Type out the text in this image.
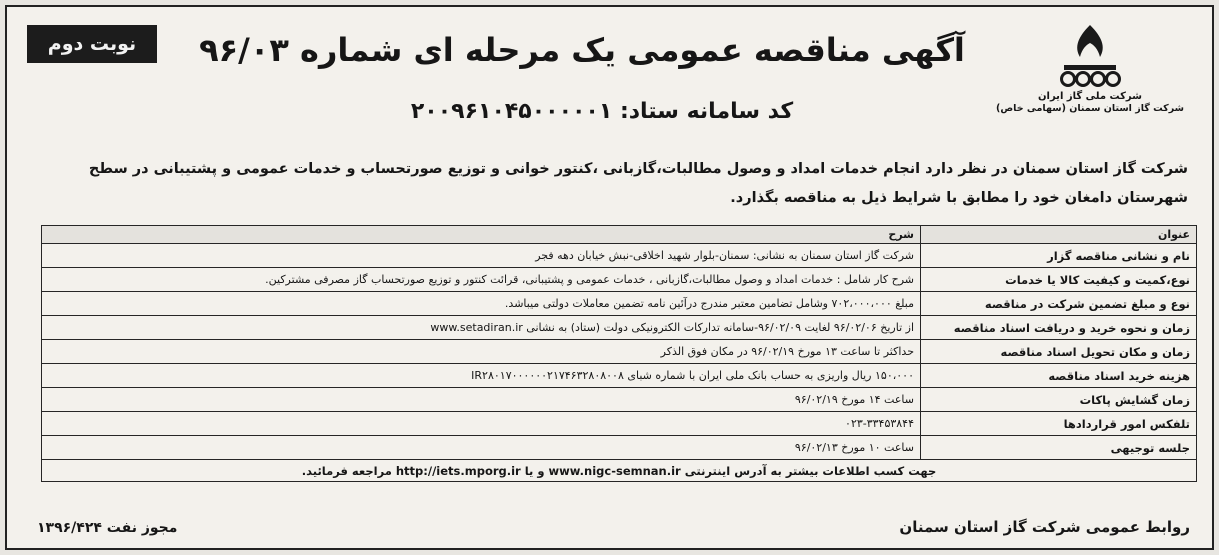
نوبت دوم
شرکت ملی گاز ایران
شرکت گاز استان سمنان (سهامی خاص)
آگهی مناقصه عمومی یک مرحله ای شماره ۹۶/۰۳
کد سامانه ستاد: ۲۰۰۹۶۱۰۴۵۰۰۰۰۰۱
شرکت گاز استان سمنان در نظر دارد انجام خدمات امداد و وصول مطالبات،گازبانی ،کنتور خوانی و توزیع صورتحساب و خدمات عمومی و پشتیبانی در سطح شهرستان دامغان خود را مطابق با شرایط ذیل به مناقصه بگذارد.
عنوان	شرح
نام و نشانی مناقصه گزار	شرکت گاز استان سمنان به نشانی: سمنان-بلوار شهید اخلاقی-نبش خیابان دهه فجر
نوع،کمیت و کیفیت کالا یا خدمات	شرح کار شامل : خدمات امداد و وصول مطالبات،گازبانی ، خدمات عمومی و پشتیبانی، قرائت کنتور و توزیع صورتحساب گاز مصرفی مشترکین.
نوع و مبلغ تضمین شرکت در مناقصه	مبلغ ۷۰۲،۰۰۰،۰۰۰ وشامل تضامین معتبر مندرج درآئین نامه تضمین معاملات دولتی میباشد.
زمان و نحوه خرید و دریافت اسناد مناقصه	از تاریخ ۹۶/۰۲/۰۶ لغایت ۹۶/۰۲/۰۹-سامانه تدارکات الکترونیکی دولت (ستاد) به نشانی www.setadiran.ir
زمان و مکان تحویل اسناد مناقصه	حداکثر تا ساعت ۱۳ مورخ ۹۶/۰۲/۱۹ در مکان فوق الذکر
هزینه خرید اسناد مناقصه	۱۵۰،۰۰۰ ریال واریزی به حساب بانک ملی ایران با شماره شبای IR۲۸۰۱۷۰۰۰۰۰۰۲۱۷۴۶۳۲۸۰۸۰۰۸
زمان گشایش پاکات	ساعت ۱۴ مورخ ۹۶/۰۲/۱۹
تلفکس امور قراردادها	۰۲۳-۳۳۴۵۳۸۴۴
جلسه توجیهی	ساعت ۱۰ مورخ ۹۶/۰۲/۱۳
جهت کسب اطلاعات بیشتر به آدرس اینترنتی www.nigc-semnan.ir و یا http://iets.mporg.ir مراجعه فرمائید.	
روابط عمومی شرکت گاز استان سمنان
مجوز نفت ۱۳۹۶/۴۲۴
